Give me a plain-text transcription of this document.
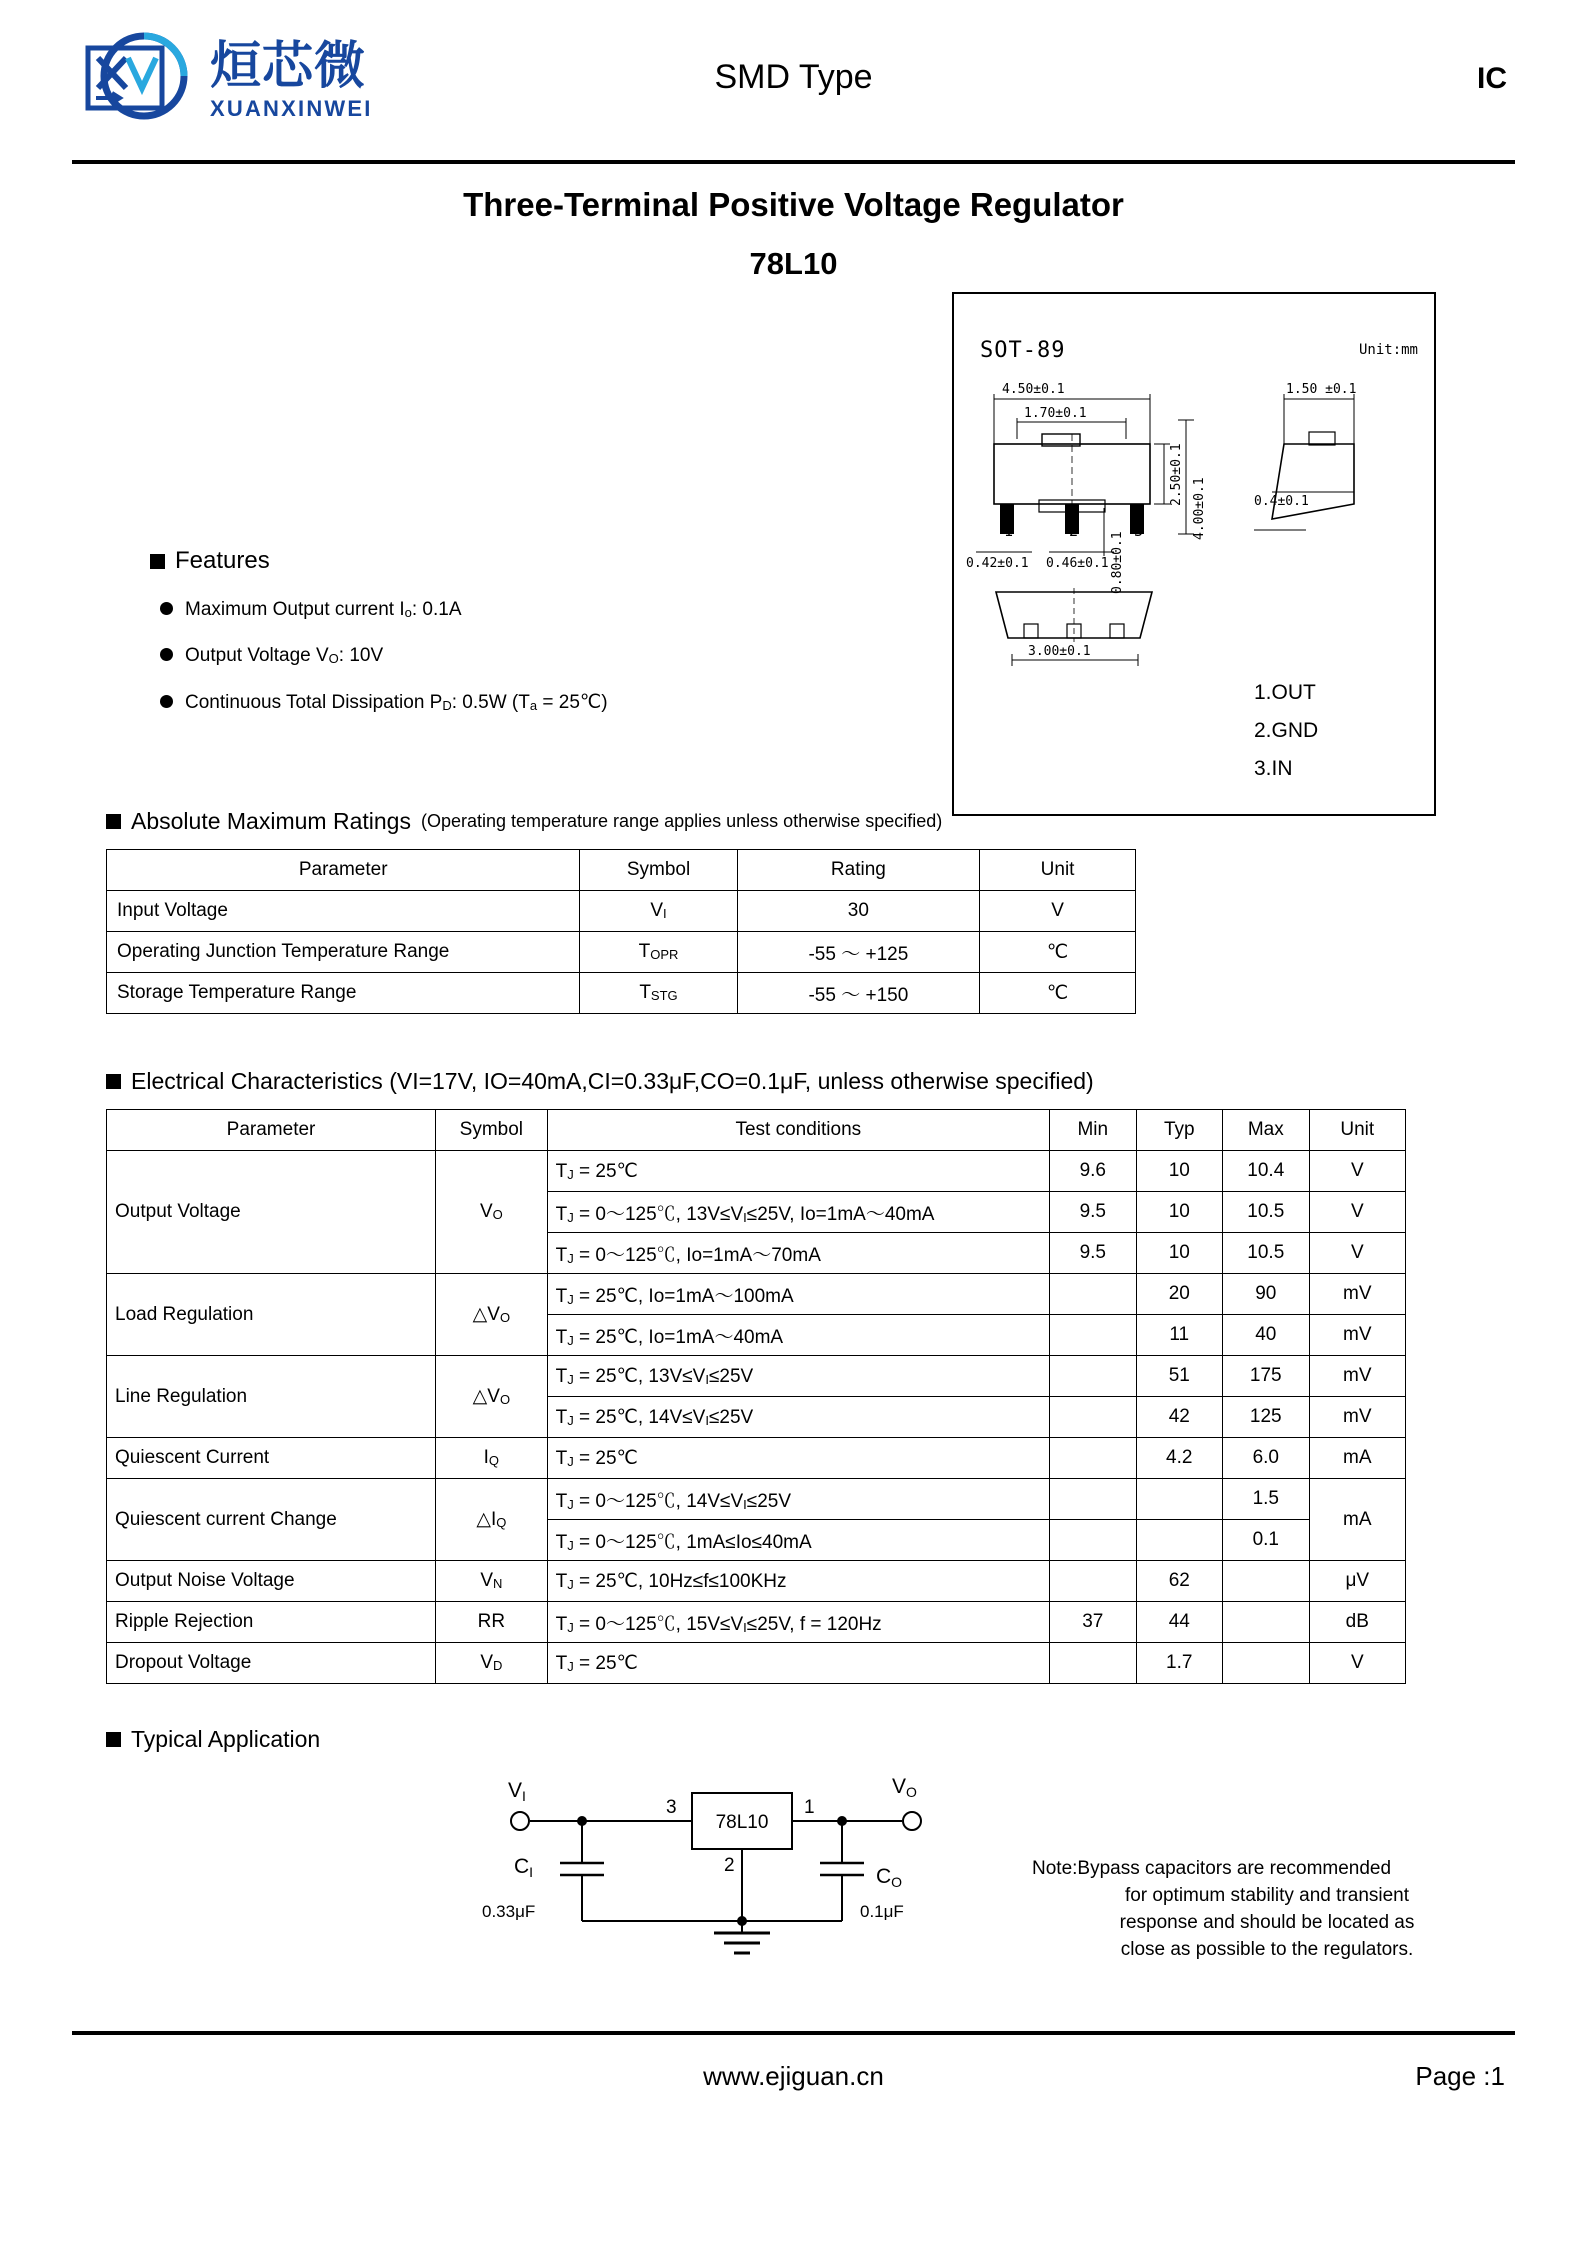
烜芯微
XUANXINWEI
SMD Type	IC
Three-Terminal Positive Voltage Regulator
78L10
Features
Maximum Output current Io: 0.1A
Output Voltage VO: 10V
Continuous Total Dissipation PD: 0.5W (Ta = 25℃)
SOT-89	Unit:mm
1	2	3
4.50±0.1
1.70±0.1
2.50±0.1
4.00±0.1
0.42±0.1 0.46±0.1 0.80±0.1
1.50 ±0.1
0.4±0.1
3.00±0.1
1.OUT
2.GND
3.IN
Absolute Maximum Ratings (Operating temperature range applies unless otherwise specified)
Parameter	Symbol	Rating	Unit
Input Voltage	VI	30	V
Operating Junction Temperature Range	TOPR	-55 ～ +125	℃
Storage Temperature Range	TSTG	-55 ～ +150	℃
Electrical Characteristics (VI=17V, IO=40mA,CI=0.33μF,CO=0.1μF, unless otherwise specified)
Parameter	Symbol	Test conditions	Min	Typ	Max	Unit
Output Voltage	VO	TJ = 25℃	9.6	10	10.4	V
		TJ = 0～125℃, 13V≤VI≤25V, Io=1mA～40mA	9.5	10	10.5	V
		TJ = 0～125℃, Io=1mA～70mA	9.5	10	10.5	V
Load Regulation	△VO	TJ = 25℃, Io=1mA～100mA		20	90	mV
		TJ = 25℃, Io=1mA～40mA		11	40	mV
Line Regulation	△VO	TJ = 25℃, 13V≤VI≤25V		51	175	mV
		TJ = 25℃, 14V≤VI≤25V		42	125	mV
Quiescent Current	IQ	TJ = 25℃		4.2	6.0	mA
Quiescent current Change	△IQ	TJ = 0～125℃, 14V≤VI≤25V			1.5	mA
		TJ = 0～125℃, 1mA≤Io≤40mA			0.1	
Output Noise Voltage	VN	TJ = 25℃, 10Hz≤f≤100KHz		62		μV
Ripple Rejection	RR	TJ = 0～125℃, 15V≤VI≤25V, f = 120Hz	37	44		dB
Dropout Voltage	VD	TJ = 25℃		1.7		V
Typical Application
78L10
VI	VO
3	1
2
CI	CO
0.33μF	0.1μF
Note:Bypass capacitors are recommended
for optimum stability and transient
response and should be located as
close as possible to the regulators.
www.ejiguan.cn	Page :1
